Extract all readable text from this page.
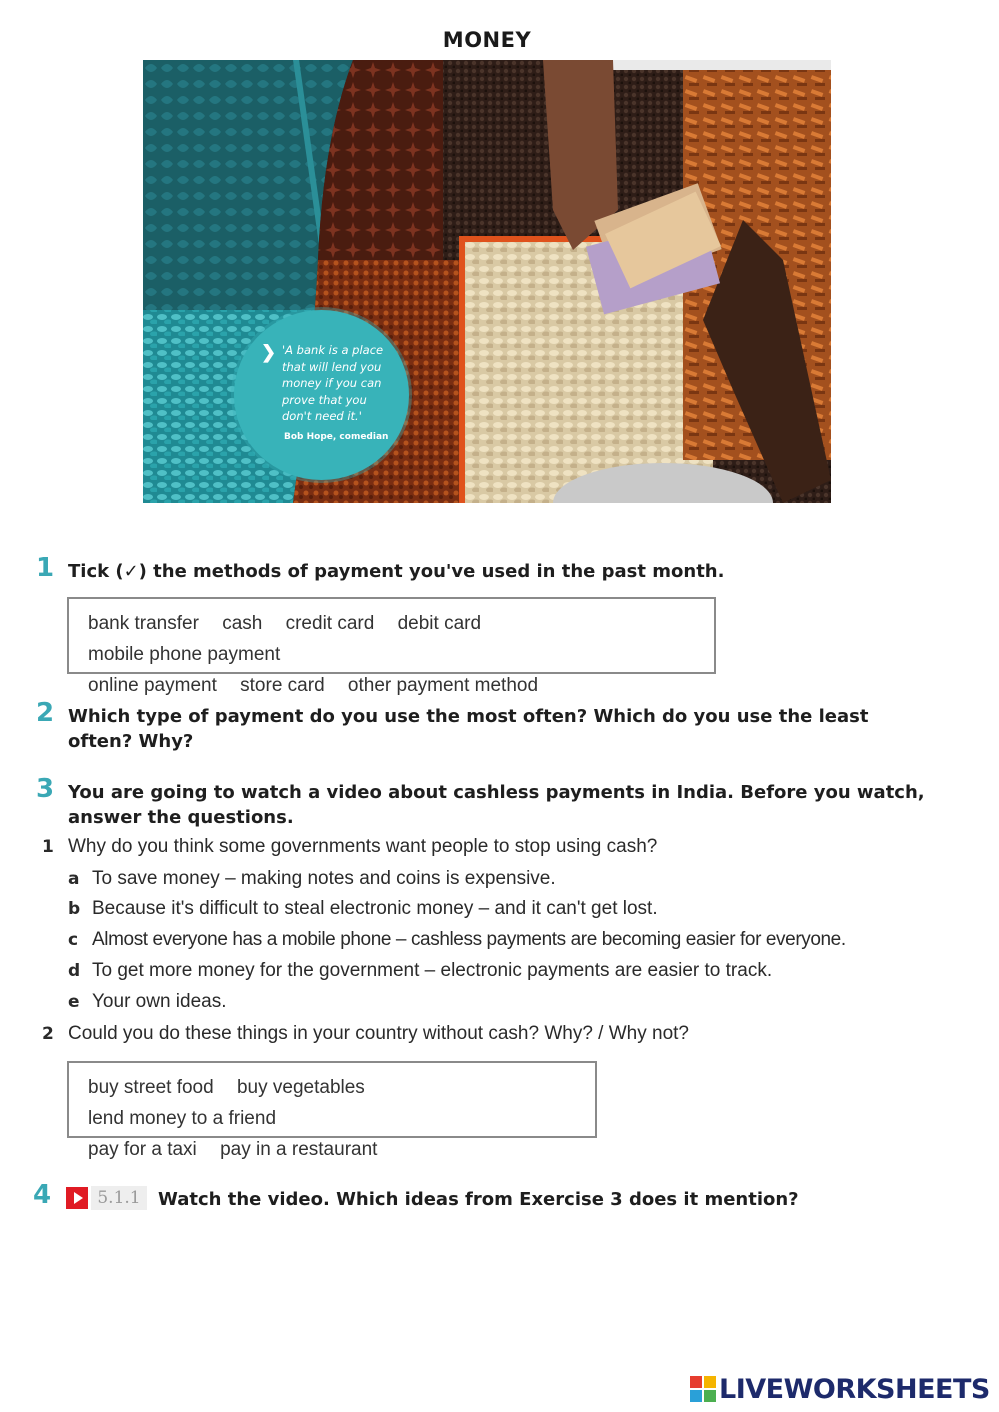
MONEY
❯ 'A bank is a place
that will lend you
money if you can
prove that you
don't need it.'
Bob Hope, comedian
1 Tick (✓) the methods of payment you've used in the past month.
bank transfer cash credit card debit card mobile phone payment
online payment store card other payment method
2 Which type of payment do you use the most often? Which do you use the least
often? Why?
3 You are going to watch a video about cashless payments in India. Before you watch,
answer the questions.
1 Why do you think some governments want people to stop using cash?
a To save money – making notes and coins is expensive.
b Because it's difficult to steal electronic money – and it can't get lost.
c Almost everyone has a mobile phone – cashless payments are becoming easier for everyone.
d To get more money for the government – electronic payments are easier to track.
e Your own ideas.
2 Could you do these things in your country without cash? Why? / Why not?
buy street food buy vegetables lend money to a friend
pay for a taxi pay in a restaurant
4	5.1.1 Watch the video. Which ideas from Exercise 3 does it mention?
LIVEWORKSHEETS
